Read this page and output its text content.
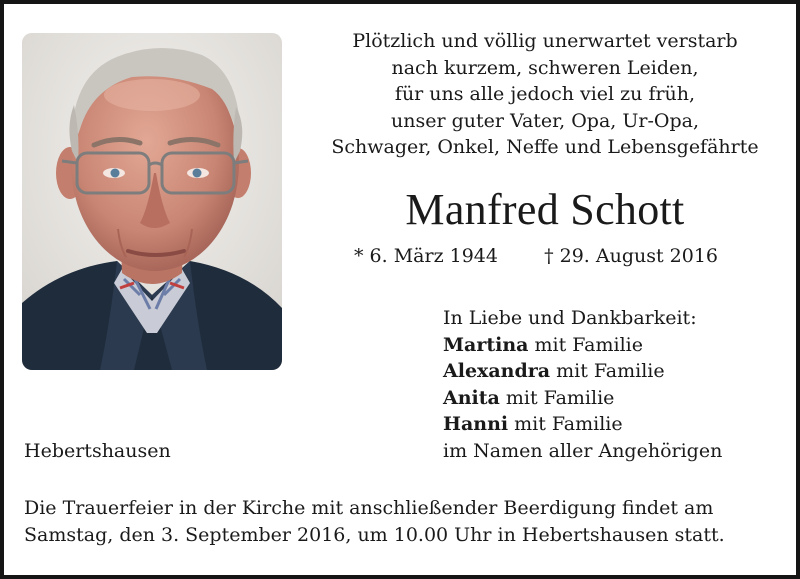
Plötzlich und völlig unerwartet verstarb
nach kurzem, schweren Leiden,
für uns alle jedoch viel zu früh,
unser guter Vater, Opa, Ur-Opa,
Schwager, Onkel, Neffe und Lebensgefährte
Manfred Schott
* 6. März 1944 † 29. August 2016
In Liebe und Dankbarkeit:
Martina mit Familie
Alexandra mit Familie
Anita mit Familie
Hanni mit Familie
im Namen aller Angehörigen
Hebertshausen
Die Trauerfeier in der Kirche mit anschließender Beerdigung findet am
Samstag, den 3. September 2016, um 10.00 Uhr in Hebertshausen statt.
